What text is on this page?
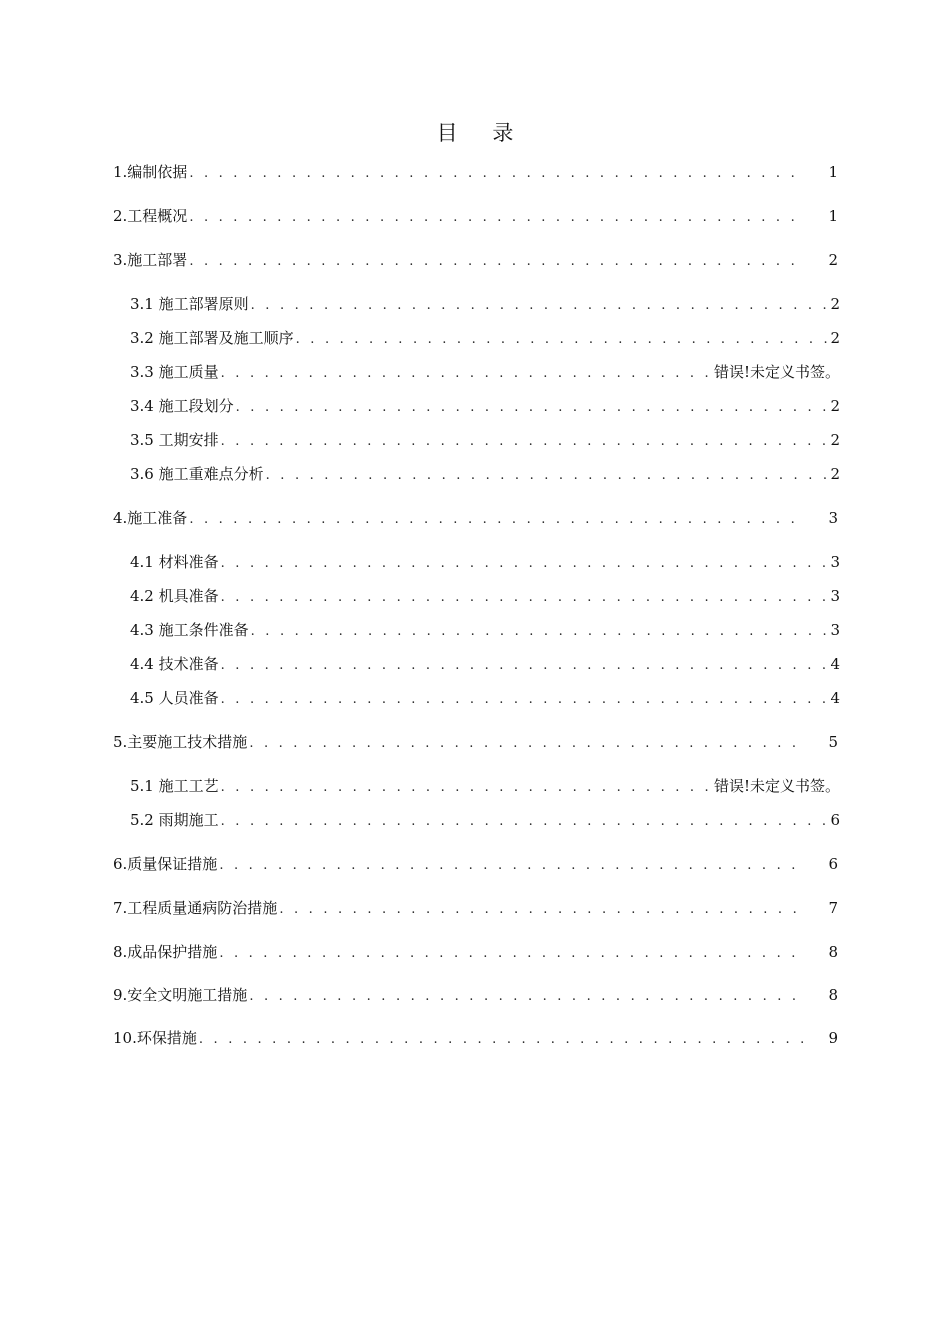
目 录
1.编制依据 . . .	1
2.工程概况 . . .	1
3.施工部署 . . .	2
3.1 施工部署原则 . . .	2
3.2 施工部署及施工顺序 . . .	2
3.3 施工质量 . . .	错误!未定义书签。
3.4 施工段划分 . . .	2
3.5 工期安排 . . .	2
3.6 施工重难点分析 . . .	2
4.施工准备 . . .	3
4.1 材料准备 . . .	3
4.2 机具准备 . . .	3
4.3 施工条件准备 . . .	3
4.4 技术准备 . . .	4
4.5 人员准备 . . .	4
5.主要施工技术措施 . . .	5
5.1 施工工艺 . . .	错误!未定义书签。
5.2 雨期施工 . . .	6
6.质量保证措施 . . .	6
7.工程质量通病防治措施 . . .	7
8.成品保护措施 . . .	8
9.安全文明施工措施 . . .	8
10.环保措施 . . .	9
